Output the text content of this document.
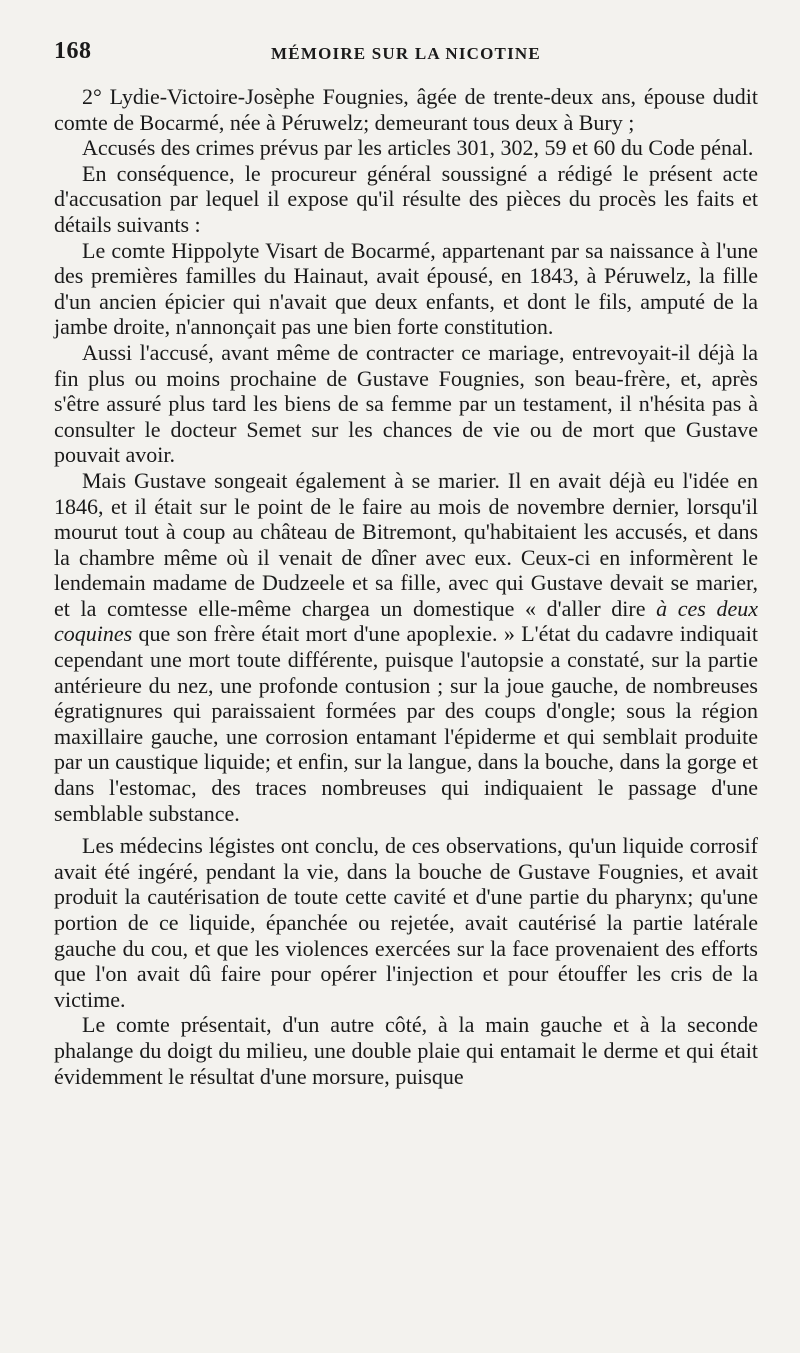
168	MÉMOIRE SUR LA NICOTINE

2° Lydie-Victoire-Josèphe Fougnies, âgée de trente-deux ans, épouse dudit comte de Bocarmé, née à Péruwelz; demeurant tous deux à Bury ;

Accusés des crimes prévus par les articles 301, 302, 59 et 60 du Code pénal.

En conséquence, le procureur général soussigné a rédigé le présent acte d'accusation par lequel il expose qu'il résulte des pièces du procès les faits et détails suivants :

Le comte Hippolyte Visart de Bocarmé, appartenant par sa naissance à l'une des premières familles du Hainaut, avait épousé, en 1843, à Péruwelz, la fille d'un ancien épicier qui n'avait que deux enfants, et dont le fils, amputé de la jambe droite, n'annonçait pas une bien forte constitution.

Aussi l'accusé, avant même de contracter ce mariage, entrevoyait-il déjà la fin plus ou moins prochaine de Gustave Fougnies, son beau-frère, et, après s'être assuré plus tard les biens de sa femme par un testament, il n'hésita pas à consulter le docteur Semet sur les chances de vie ou de mort que Gustave pouvait avoir.

Mais Gustave songeait également à se marier. Il en avait déjà eu l'idée en 1846, et il était sur le point de le faire au mois de novembre dernier, lorsqu'il mourut tout à coup au château de Bitremont, qu'habitaient les accusés, et dans la chambre même où il venait de dîner avec eux. Ceux-ci en informèrent le lendemain madame de Dudzeele et sa fille, avec qui Gustave devait se marier, et la comtesse elle-même chargea un domestique « d'aller dire à ces deux coquines que son frère était mort d'une apoplexie. » L'état du cadavre indiquait cependant une mort toute différente, puisque l'autopsie a constaté, sur la partie antérieure du nez, une profonde contusion ; sur la joue gauche, de nombreuses égratignures qui paraissaient formées par des coups d'ongle; sous la région maxillaire gauche, une corrosion entamant l'épiderme et qui semblait produite par un caustique liquide; et enfin, sur la langue, dans la bouche, dans la gorge et dans l'estomac, des traces nombreuses qui indiquaient le passage d'une semblable substance.

Les médecins légistes ont conclu, de ces observations, qu'un liquide corrosif avait été ingéré, pendant la vie, dans la bouche de Gustave Fougnies, et avait produit la cautérisation de toute cette cavité et d'une partie du pharynx; qu'une portion de ce liquide, épanchée ou rejetée, avait cautérisé la partie latérale gauche du cou, et que les violences exercées sur la face provenaient des efforts que l'on avait dû faire pour opérer l'injection et pour étouffer les cris de la victime.

Le comte présentait, d'un autre côté, à la main gauche et à la seconde phalange du doigt du milieu, une double plaie qui entamait le derme et qui était évidemment le résultat d'une morsure, puisque
